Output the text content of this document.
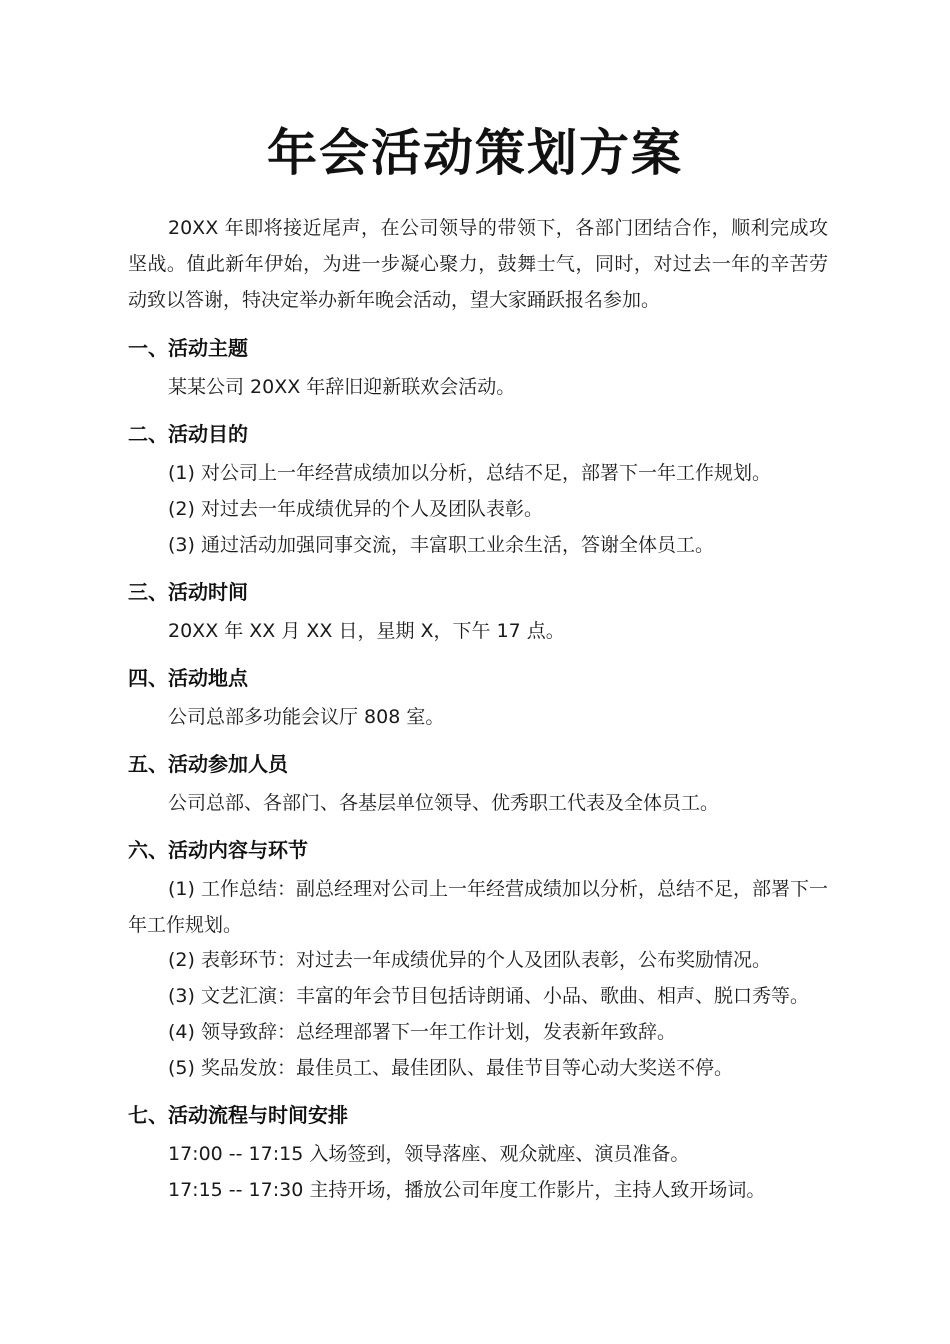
年会活动策划方案
20XX 年即将接近尾声，在公司领导的带领下，各部门团结合作，顺利完成攻坚战。值此新年伊始，为进一步凝心聚力，鼓舞士气，同时，对过去一年的辛苦劳动致以答谢，特决定举办新年晚会活动，望大家踊跃报名参加。
一、活动主题
某某公司 20XX 年辞旧迎新联欢会活动。
二、活动目的
(1) 对公司上一年经营成绩加以分析，总结不足，部署下一年工作规划。
(2) 对过去一年成绩优异的个人及团队表彰。
(3) 通过活动加强同事交流，丰富职工业余生活，答谢全体员工。
三、活动时间
20XX 年 XX 月 XX 日，星期 X，下午 17 点。
四、活动地点
公司总部多功能会议厅 808 室。
五、活动参加人员
公司总部、各部门、各基层单位领导、优秀职工代表及全体员工。
六、活动内容与环节
(1) 工作总结：副总经理对公司上一年经营成绩加以分析，总结不足，部署下一年工作规划。
(2) 表彰环节：对过去一年成绩优异的个人及团队表彰，公布奖励情况。
(3) 文艺汇演：丰富的年会节目包括诗朗诵、小品、歌曲、相声、脱口秀等。
(4) 领导致辞：总经理部署下一年工作计划，发表新年致辞。
(5) 奖品发放：最佳员工、最佳团队、最佳节目等心动大奖送不停。
七、活动流程与时间安排
17:00 -- 17:15 入场签到，领导落座、观众就座、演员准备。
17:15 -- 17:30 主持开场，播放公司年度工作影片，主持人致开场词。
